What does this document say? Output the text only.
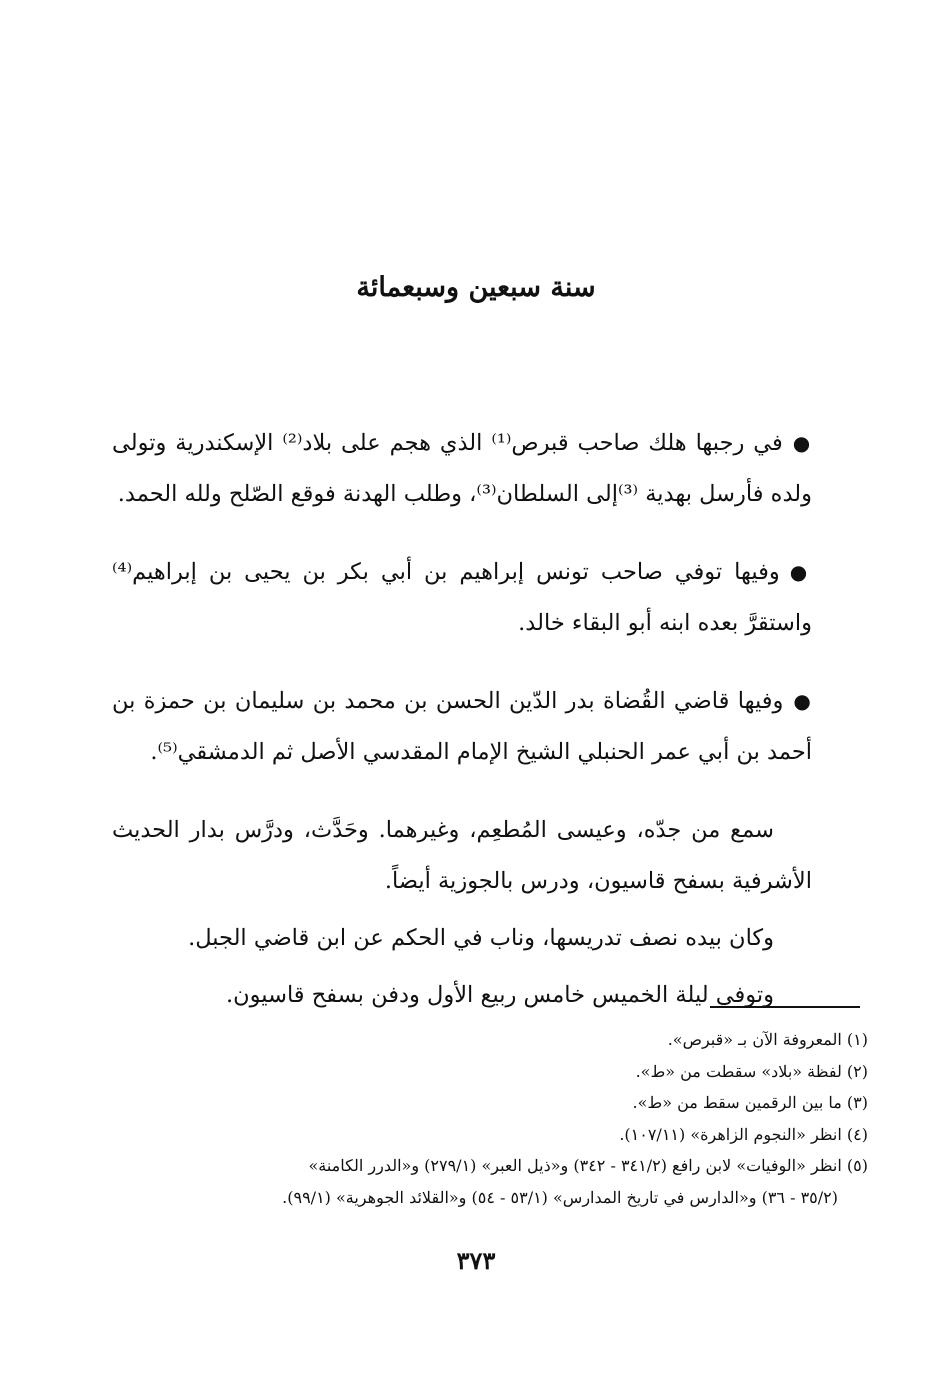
سنة سبعين وسبعمائة

●في رجبها هلك صاحب قبرص⁽¹⁾ الذي هجم على بلاد⁽²⁾ الإسكندرية وتولى ولده فأرسل بهدية ⁽³⁾إلى السلطان⁽³⁾، وطلب الهدنة فوقع الصّلح ولله الحمد.

●وفيها توفي صاحب تونس إبراهيم بن أبي بكر بن يحيى بن إبراهيم⁽⁴⁾ واستقرَّ بعده ابنه أبو البقاء خالد.

●وفيها قاضي القُضاة بدر الدّين الحسن بن محمد بن سليمان بن حمزة بن أحمد بن أبي عمر الحنبلي الشيخ الإمام المقدسي الأصل ثم الدمشقي⁽⁵⁾.

سمع من جدّه، وعيسى المُطعِم، وغيرهما. وحَدَّث، ودرَّس بدار الحديث الأشرفية بسفح قاسيون، ودرس بالجوزية أيضاً.

وكان بيده نصف تدريسها، وناب في الحكم عن ابن قاضي الجبل.

وتوفي ليلة الخميس خامس ربيع الأول ودفن بسفح قاسيون.

(١) المعروفة الآن بـ «قبرص».

(٢) لفظة «بلاد» سقطت من «ط».

(٣) ما بين الرقمين سقط من «ط».

(٤) انظر «النجوم الزاهرة» (١٠٧/١١).

(٥) انظر «الوفيات» لابن رافع (٣٤١/٢ - ٣٤٢) و«ذيل العبر» (٢٧٩/١) و«الدرر الكامنة»

(٣٥/٢ - ٣٦) و«الدارس في تاريخ المدارس» (٥٣/١ - ٥٤) و«القلائد الجوهرية» (٩٩/١).

٣٧٣
